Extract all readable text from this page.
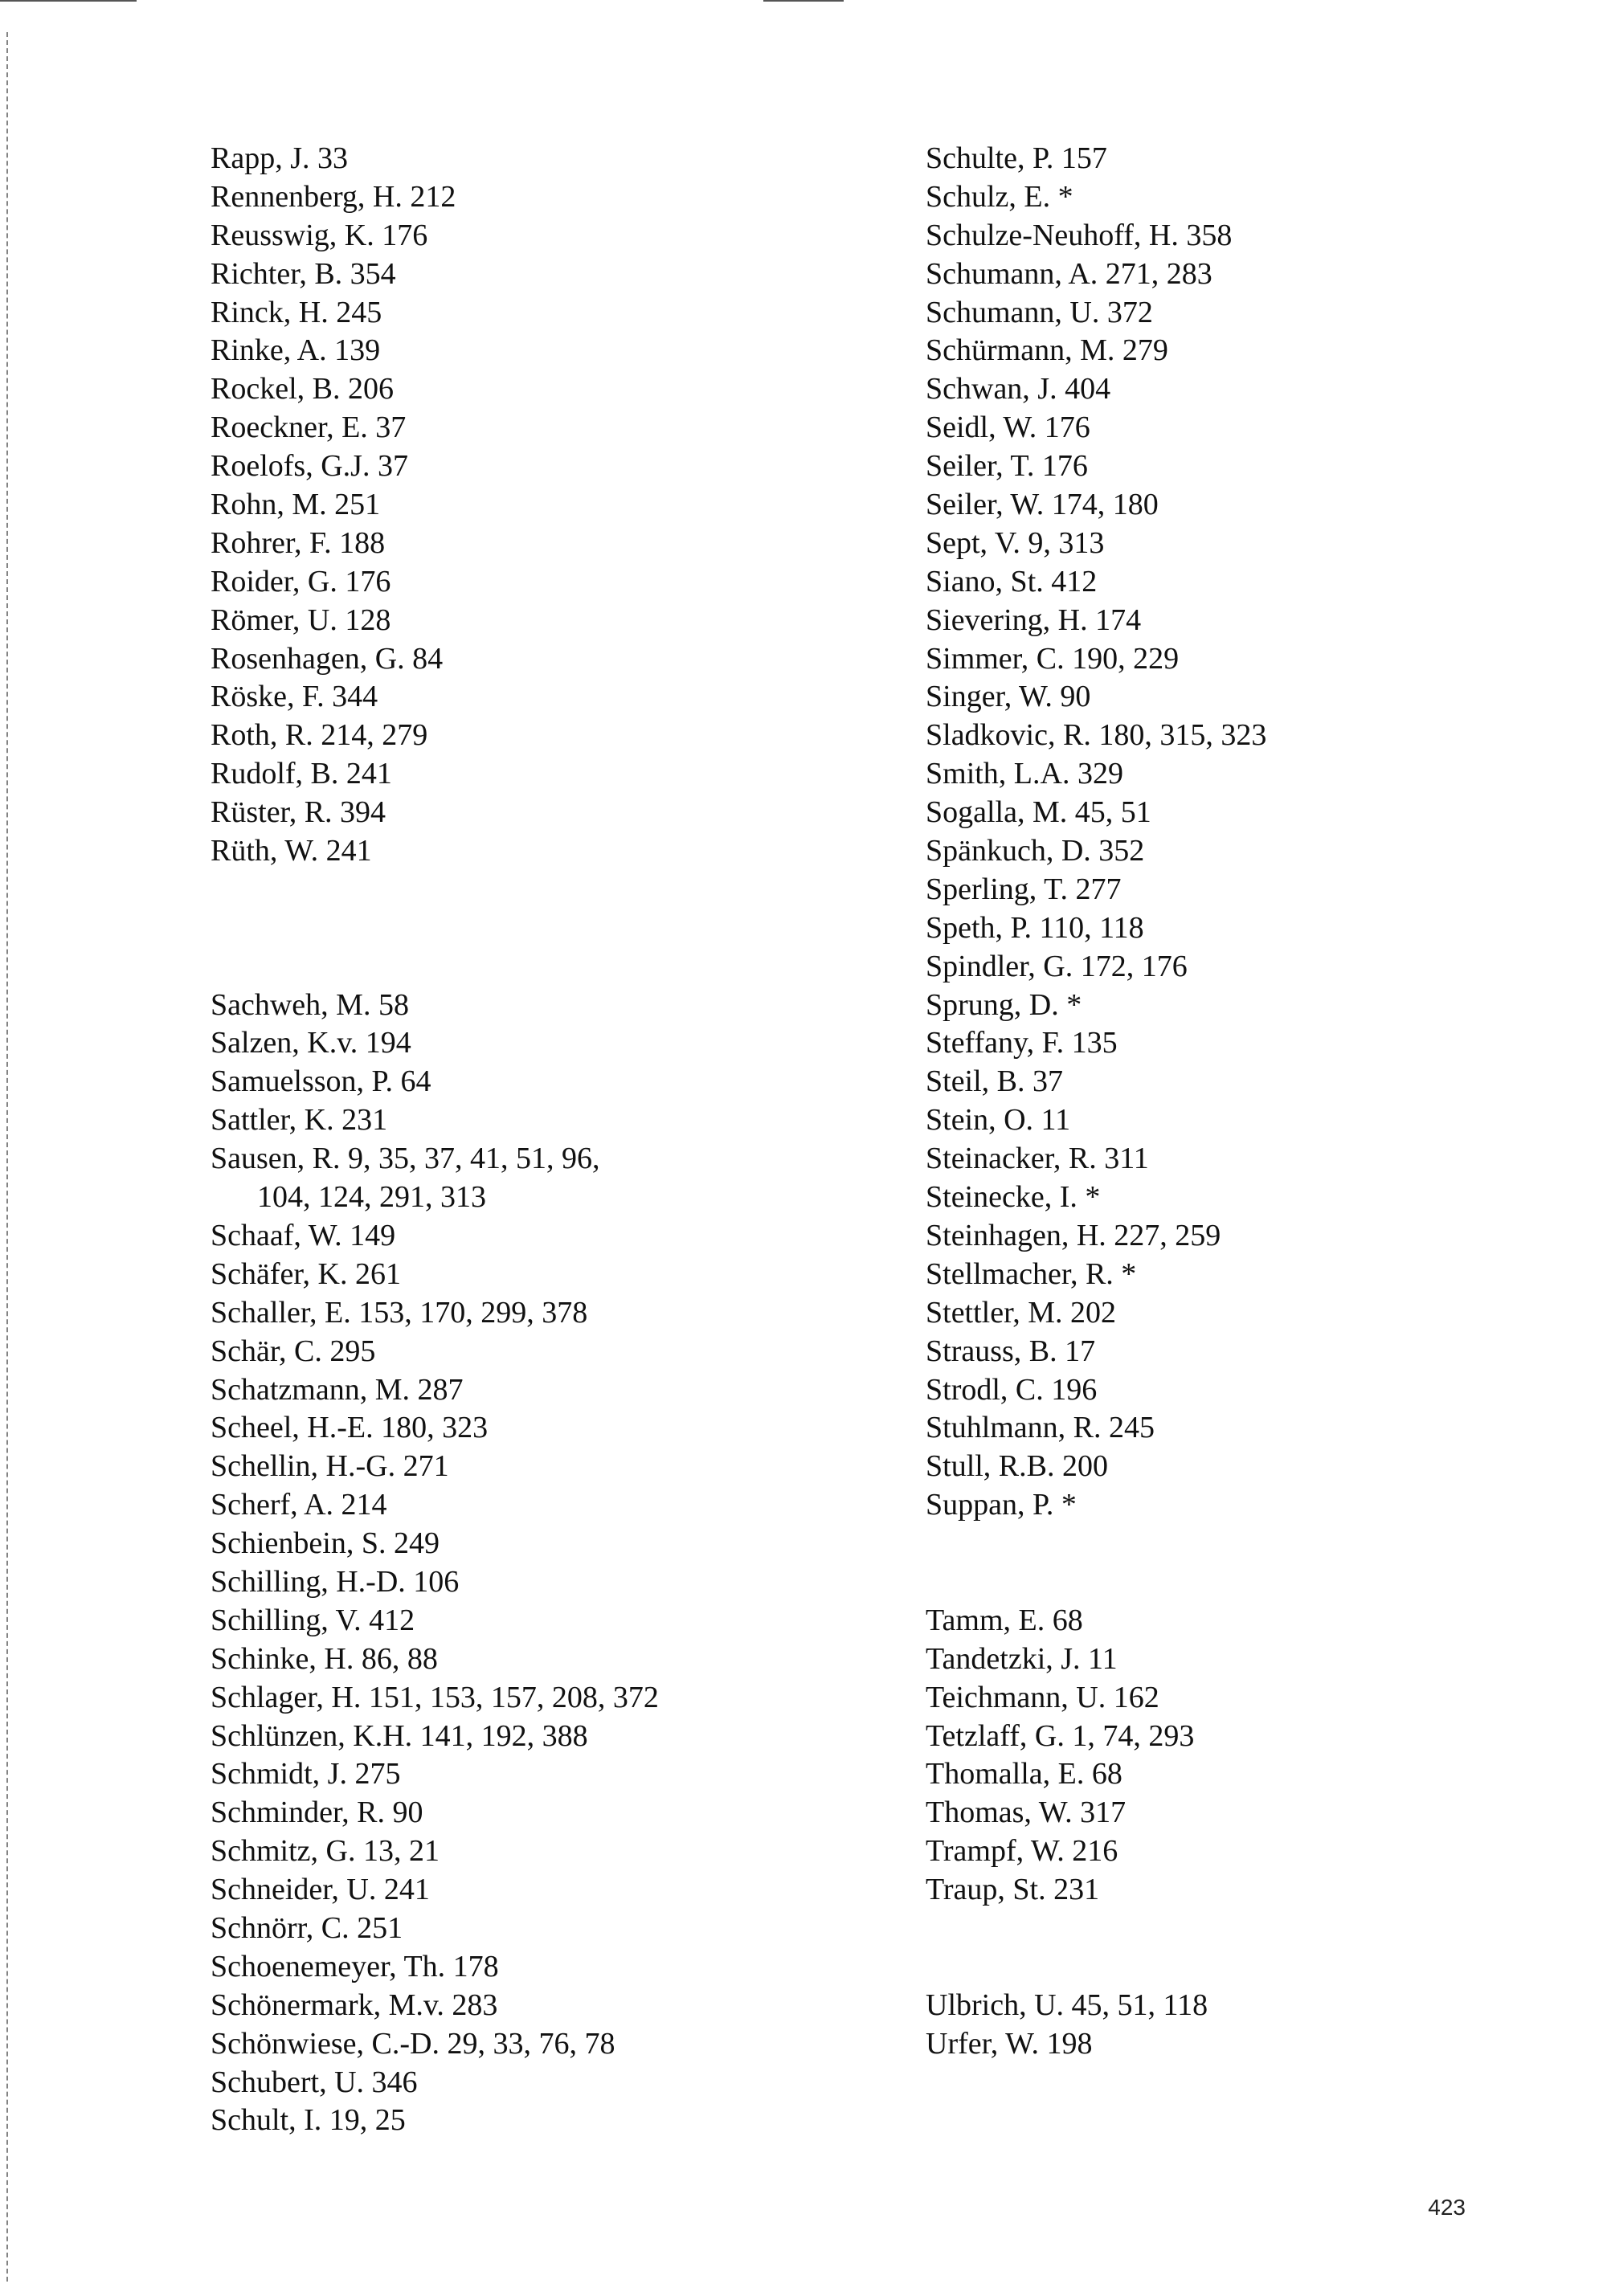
Rapp, J. 33
Rennenberg, H. 212
Reusswig, K. 176
Richter, B. 354
Rinck, H. 245
Rinke, A. 139
Rockel, B. 206
Roeckner, E. 37
Roelofs, G.J. 37
Rohn, M. 251
Rohrer, F. 188
Roider, G. 176
Römer, U. 128
Rosenhagen, G. 84
Röske, F. 344
Roth, R. 214, 279
Rudolf, B. 241
Rüster, R. 394
Rüth, W. 241
Sachweh, M. 58
Salzen, K.v. 194
Samuelsson, P. 64
Sattler, K. 231
Sausen, R. 9, 35, 37, 41, 51, 96,
104, 124, 291, 313
Schaaf, W. 149
Schäfer, K. 261
Schaller, E. 153, 170, 299, 378
Schär, C. 295
Schatzmann, M. 287
Scheel, H.-E. 180, 323
Schellin, H.-G. 271
Scherf, A. 214
Schienbein, S. 249
Schilling, H.-D. 106
Schilling, V. 412
Schinke, H. 86, 88
Schlager, H. 151, 153, 157, 208, 372
Schlünzen, K.H. 141, 192, 388
Schmidt, J. 275
Schminder, R. 90
Schmitz, G. 13, 21
Schneider, U. 241
Schnörr, C. 251
Schoenemeyer, Th. 178
Schönermark, M.v. 283
Schönwiese, C.-D. 29, 33, 76, 78
Schubert, U. 346
Schult, I. 19, 25
Schulte, P. 157
Schulz, E. *
Schulze-Neuhoff, H. 358
Schumann, A. 271, 283
Schumann, U. 372
Schürmann, M. 279
Schwan, J. 404
Seidl, W. 176
Seiler, T. 176
Seiler, W. 174, 180
Sept, V. 9, 313
Siano, St. 412
Sievering, H. 174
Simmer, C. 190, 229
Singer, W. 90
Sladkovic, R. 180, 315, 323
Smith, L.A. 329
Sogalla, M. 45, 51
Spänkuch, D. 352
Sperling, T. 277
Speth, P. 110, 118
Spindler, G. 172, 176
Sprung, D. *
Steffany, F. 135
Steil, B. 37
Stein, O. 11
Steinacker, R. 311
Steinecke, I. *
Steinhagen, H. 227, 259
Stellmacher, R. *
Stettler, M. 202
Strauss, B. 17
Strodl, C. 196
Stuhlmann, R. 245
Stull, R.B. 200
Suppan, P. *
Tamm, E. 68
Tandetzki, J. 11
Teichmann, U. 162
Tetzlaff, G. 1, 74, 293
Thomalla, E. 68
Thomas, W. 317
Trampf, W. 216
Traup, St. 231
Ulbrich, U. 45, 51, 118
Urfer, W. 198
423
